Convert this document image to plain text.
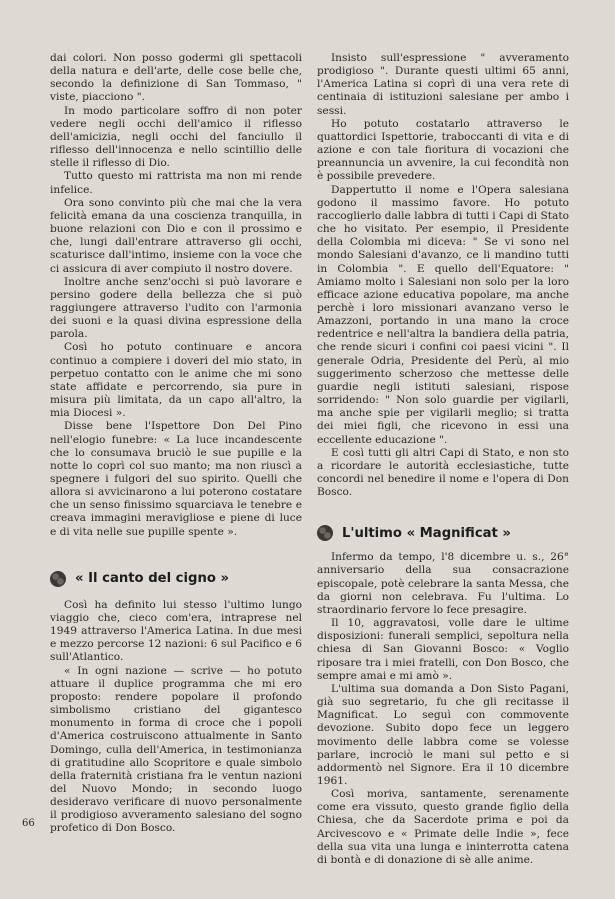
dai colori. Non posso godermi gli spettacoli della natura e dell'arte, delle cose belle che, secondo la definizione di San Tommaso, " viste, piacciono ".

In modo particolare soffro di non poter vedere negli occhi dell'amico il riflesso dell'amicizia, negli occhi del fanciullo il riflesso dell'innocenza e nello scintillio delle stelle il riflesso di Dio.

Tutto questo mi rattrista ma non mi rende infelice.

Ora sono convinto più che mai che la vera felicità emana da una coscienza tranquilla, in buone relazioni con Dio e con il prossimo e che, lungi dall'entrare attraverso gli occhi, scaturisce dall'intimo, insieme con la voce che ci assicura di aver compiuto il nostro dovere.

Inoltre anche senz'occhi si può lavorare e persino godere della bellezza che si può raggiungere attraverso l'udito con l'armonia dei suoni e la quasi divina espressione della parola.

Così ho potuto continuare e ancora continuo a compiere i doveri del mio stato, in perpetuo contatto con le anime che mi sono state affidate e percorrendo, sia pure in misura più limitata, da un capo all'altro, la mia Diocesi ».

Disse bene l'Ispettore Don Del Pino nell'elogio funebre: « La luce incandescente che lo consumava bruciò le sue pupille e la notte lo coprì col suo manto; ma non riuscì a spegnere i fulgori del suo spirito. Quelli che allora si avvicinarono a lui poterono costatare che un senso finissimo squarciava le tenebre e creava immagini meravigliose e piene di luce e di vita nelle sue pupille spente ».

« Il canto del cigno »

Così ha definito lui stesso l'ultimo lungo viaggio che, cieco com'era, intraprese nel 1949 attraverso l'America Latina. In due mesi e mezzo percorse 12 nazioni: 6 sul Pacifico e 6 sull'Atlantico.

« In ogni nazione — scrive — ho potuto attuare il duplice programma che mi ero proposto: rendere popolare il profondo simbolismo cristiano del gigantesco monumento in forma di croce che i popoli d'America costruiscono attualmente in Santo Domingo, culla dell'America, in testimonianza di gratitudine allo Scopritore e quale simbolo della fraternità cristiana fra le ventun nazioni del Nuovo Mondo; in secondo luogo desideravo verificare di nuovo personalmente il prodigioso avveramento salesiano del sogno profetico di Don Bosco.

Insisto sull'espressione " avveramento prodigioso ". Durante questi ultimi 65 anni, l'America Latina si coprì di una vera rete di centinaia di istituzioni salesiane per ambo i sessi.

Ho potuto costatarlo attraverso le quattordici Ispettorie, traboccanti di vita e di azione e con tale fioritura di vocazioni che preannuncia un avvenire, la cui fecondità non è possibile prevedere.

Dappertutto il nome e l'Opera salesiana godono il massimo favore. Ho potuto raccoglierlo dalle labbra di tutti i Capi di Stato che ho visitato. Per esempio, il Presidente della Colombia mi diceva: " Se vi sono nel mondo Salesiani d'avanzo, ce li mandino tutti in Colombia ". E quello dell'Equatore: " Amiamo molto i Salesiani non solo per la loro efficace azione educativa popolare, ma anche perchè i loro missionari avanzano verso le Amazzoni, portando in una mano la croce redentrice e nell'altra la bandiera della patria, che rende sicuri i confini coi paesi vicini ". Il generale Odria, Presidente del Perù, al mio suggerimento scherzoso che mettesse delle guardie negli istituti salesiani, rispose sorridendo: " Non solo guardie per vigilarli, ma anche spie per vigilarli meglio; si tratta dei miei figli, che ricevono in essi una eccellente educazione ".

E così tutti gli altri Capi di Stato, e non sto a ricordare le autorità ecclesiastiche, tutte concordi nel benedire il nome e l'opera di Don Bosco.

L'ultimo « Magnificat »

Infermo da tempo, l'8 dicembre u. s., 26° anniversario della sua consacrazione episcopale, potè celebrare la santa Messa, che da giorni non celebrava. Fu l'ultima. Lo straordinario fervore lo fece presagire.

Il 10, aggravatosi, volle dare le ultime disposizioni: funerali semplici, sepoltura nella chiesa di San Giovanni Bosco: « Voglio riposare tra i miei fratelli, con Don Bosco, che sempre amai e mi amò ».

L'ultima sua domanda a Don Sisto Pagani, già suo segretario, fu che gli recitasse il Magnificat. Lo seguì con commovente devozione. Subito dopo fece un leggero movimento delle labbra come se volesse parlare, incrociò le mani sul petto e si addormentò nel Signore. Era il 10 dicembre 1961.

Così moriva, santamente, serenamente come era vissuto, questo grande figlio della Chiesa, che da Sacerdote prima e poi da Arcivescovo e « Primate delle Indie », fece della sua vita una lunga e ininterrotta catena di bontà e di donazione di sè alle anime.

66
